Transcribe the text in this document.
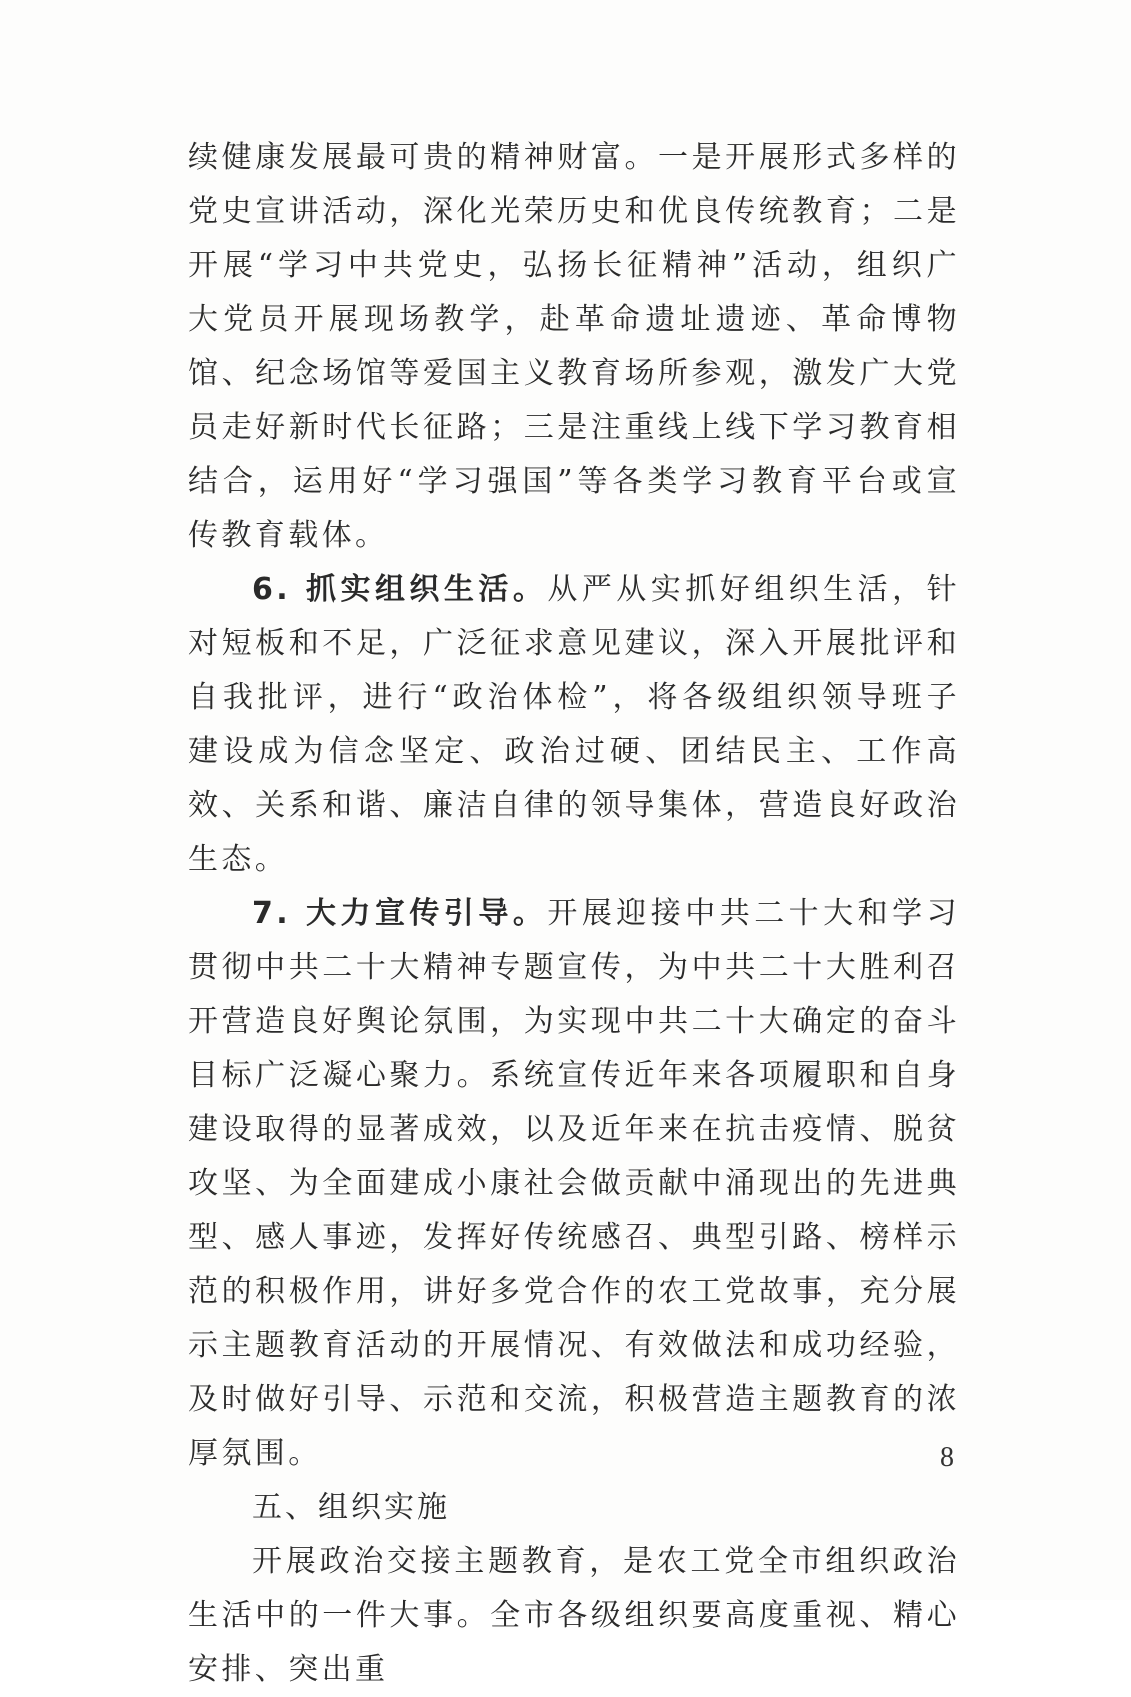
续健康发展最可贵的精神财富。一是开展形式多样的党史宣讲活动，深化光荣历史和优良传统教育；二是开展“学习中共党史，弘扬长征精神”活动，组织广大党员开展现场教学，赴革命遗址遗迹、革命博物馆、纪念场馆等爱国主义教育场所参观，激发广大党员走好新时代长征路；三是注重线上线下学习教育相结合，运用好“学习强国”等各类学习教育平台或宣传教育载体。

6. 抓实组织生活。从严从实抓好组织生活，针对短板和不足，广泛征求意见建议，深入开展批评和自我批评，进行“政治体检”，将各级组织领导班子建设成为信念坚定、政治过硬、团结民主、工作高效、关系和谐、廉洁自律的领导集体，营造良好政治生态。

7. 大力宣传引导。开展迎接中共二十大和学习贯彻中共二十大精神专题宣传，为中共二十大胜利召开营造良好舆论氛围，为实现中共二十大确定的奋斗目标广泛凝心聚力。系统宣传近年来各项履职和自身建设取得的显著成效，以及近年来在抗击疫情、脱贫攻坚、为全面建成小康社会做贡献中涌现出的先进典型、感人事迹，发挥好传统感召、典型引路、榜样示范的积极作用，讲好多党合作的农工党故事，充分展示主题教育活动的开展情况、有效做法和成功经验，及时做好引导、示范和交流，积极营造主题教育的浓厚氛围。

五、组织实施

开展政治交接主题教育，是农工党全市组织政治生活中的一件大事。全市各级组织要高度重视、精心安排、突出重

8
